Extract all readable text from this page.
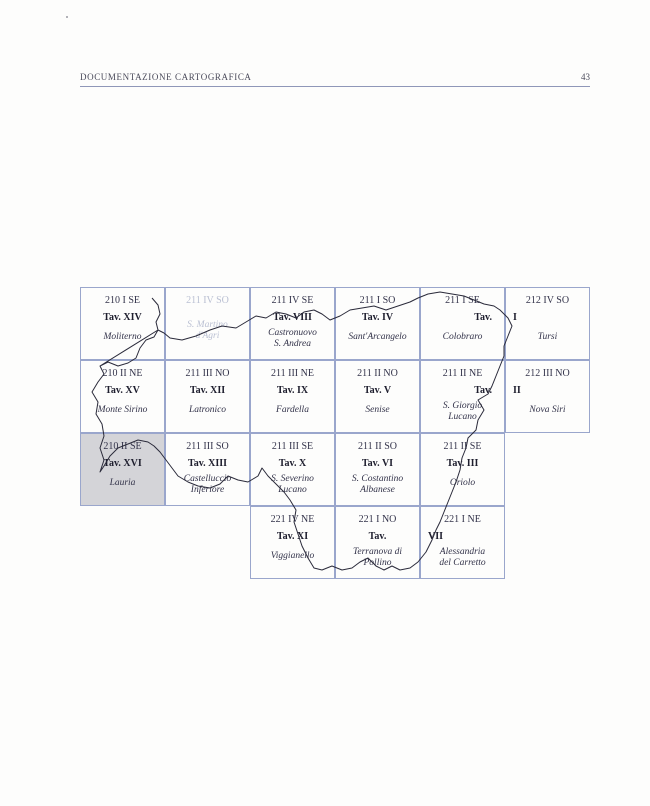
DOCUMENTAZIONE CARTOGRAFICA	43
210 I SE
Tav. XIV
Moliterno
211 IV SO
S. Martino d'Agri
211 IV SE
Tav. VIII
Castronuovo S. Andrea
211 I SO
Tav. IV
Sant'Arcangelo
211 I SE
Tav.
Colobraro
212 IV SO
Tursi
210 II NE
Tav. XV
Monte Sirino
211 III NO
Tav. XII
Latronico
211 III NE
Tav. IX
Fardella
211 II NO
Tav. V
Senise
211 II NE
Tav.
S. Giorgio Lucano
212 III NO
Nova Siri
210 II SE
Tav. XVI
Lauria
211 III SO
Tav. XIII
Castelluccio Inferiore
211 III SE
Tav. X
S. Severino Lucano
211 II SO
Tav. VI
S. Costantino Albanese
211 II SE
Tav. III
Oriolo
221 IV NE
Tav. XI
Viggianello
221 I NO
Tav.
Terranova di Pollino
221 I NE
Alessandria del Carretto
I
II
VII
